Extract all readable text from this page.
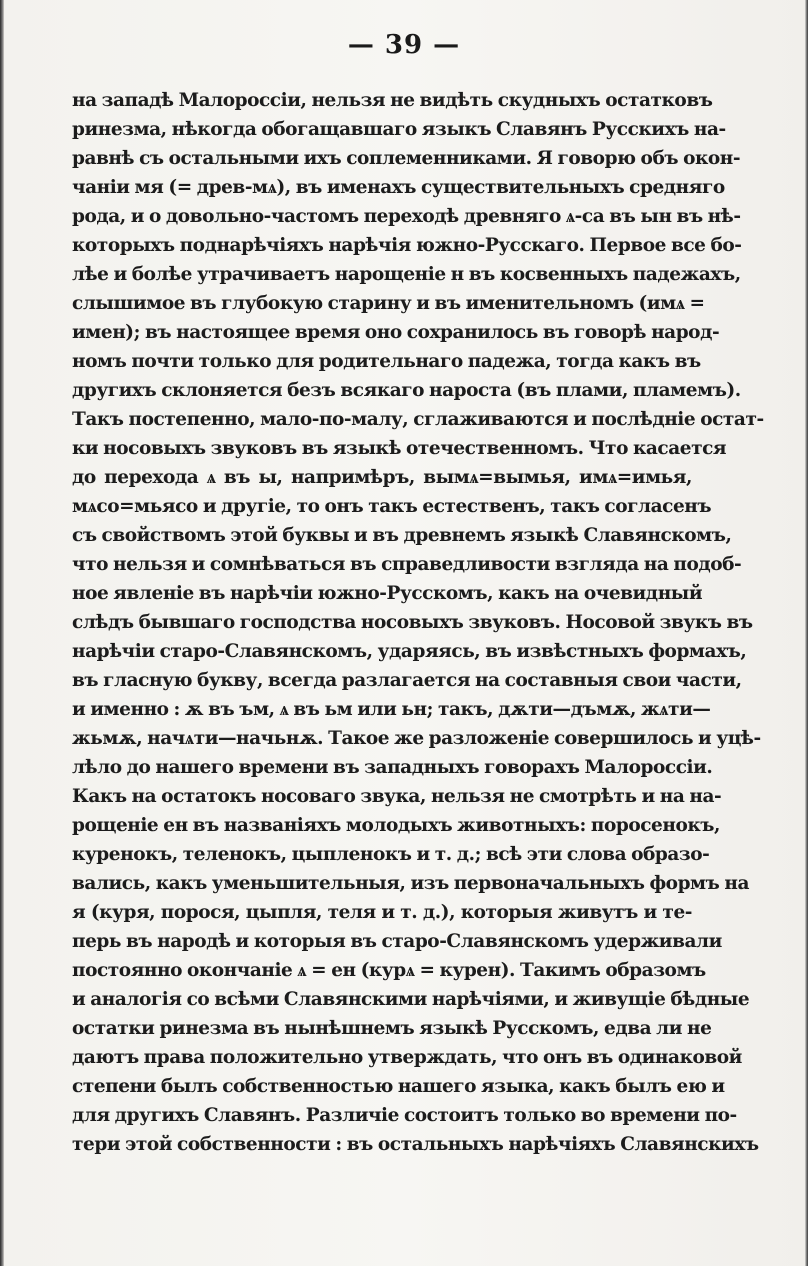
— 39 —
на западѣ Малороссіи, нельзя не видѣть скудныхъ остатковъ
ринезма, нѣкогда обогащавшаго языкъ Славянъ Русскихъ на-
равнѣ съ остальными ихъ соплеменниками. Я говорю объ окон-
чаніи мя (= древ-мѧ), въ именахъ существительныхъ средняго
рода, и о довольно-частомъ переходѣ древняго ѧ-са въ ын въ нѣ-
которыхъ поднарѣчіяхъ нарѣчія южно-Русскаго. Первое все бо-
лѣе и болѣе утрачиваетъ нарощеніе н въ косвенныхъ падежахъ,
слышимое въ глубокую старину и въ именительномъ (имѧ =
имен); въ настоящее время оно сохранилось въ говорѣ народ-
номъ почти только для родительнаго падежа, тогда какъ въ
другихъ склоняется безъ всякаго нароста (въ плами, пламемъ).
Такъ постепенно, мало-по-малу, сглаживаются и послѣдніе остат-
ки носовыхъ звуковъ въ языкѣ отечественномъ. Что касается
до перехода ѧ въ ы, напримѣръ, вымѧ=вымья, имѧ=имья,
мѧсо=мьясо и другіе, то онъ такъ естественъ, такъ согласенъ
съ свойствомъ этой буквы и въ древнемъ языкѣ Славянскомъ,
что нельзя и сомнѣваться въ справедливости взгляда на подоб-
ное явленіе въ нарѣчіи южно-Русскомъ, какъ на очевидный
слѣдъ бывшаго господства носовыхъ звуковъ. Носовой звукъ въ
нарѣчіи старо-Славянскомъ, ударяясь, въ извѣстныхъ формахъ,
въ гласную букву, всегда разлагается на составныя свои части,
и именно : ѫ въ ъм, ѧ въ ьм или ьн; такъ, дѫти—дъмѫ, жѧти—
жьмѫ, начѧти—начьнѫ. Такое же разложеніе совершилось и уцѣ-
лѣло до нашего времени въ западныхъ говорахъ Малороссіи.
Какъ на остатокъ носоваго звука, нельзя не смотрѣть и на на-
рощеніе ен въ названіяхъ молодыхъ животныхъ: поросенокъ,
куренокъ, теленокъ, цыпленокъ и т. д.; всѣ эти слова образо-
вались, какъ уменьшительныя, изъ первоначальныхъ формъ на
я (куря, порося, цыпля, теля и т. д.), которыя живутъ и те-
перь въ народѣ и которыя въ старо-Славянскомъ удерживали
постоянно окончаніе ѧ = ен (курѧ = курен). Такимъ образомъ
и аналогія со всѣми Славянскими нарѣчіями, и живущіе бѣдные
остатки ринезма въ нынѣшнемъ языкѣ Русскомъ, едва ли не
даютъ права положительно утверждать, что онъ въ одинаковой
степени былъ собственностью нашего языка, какъ былъ ею и
для другихъ Славянъ. Различіе состоитъ только во времени по-
тери этой собственности : въ остальныхъ нарѣчіяхъ Славянскихъ
